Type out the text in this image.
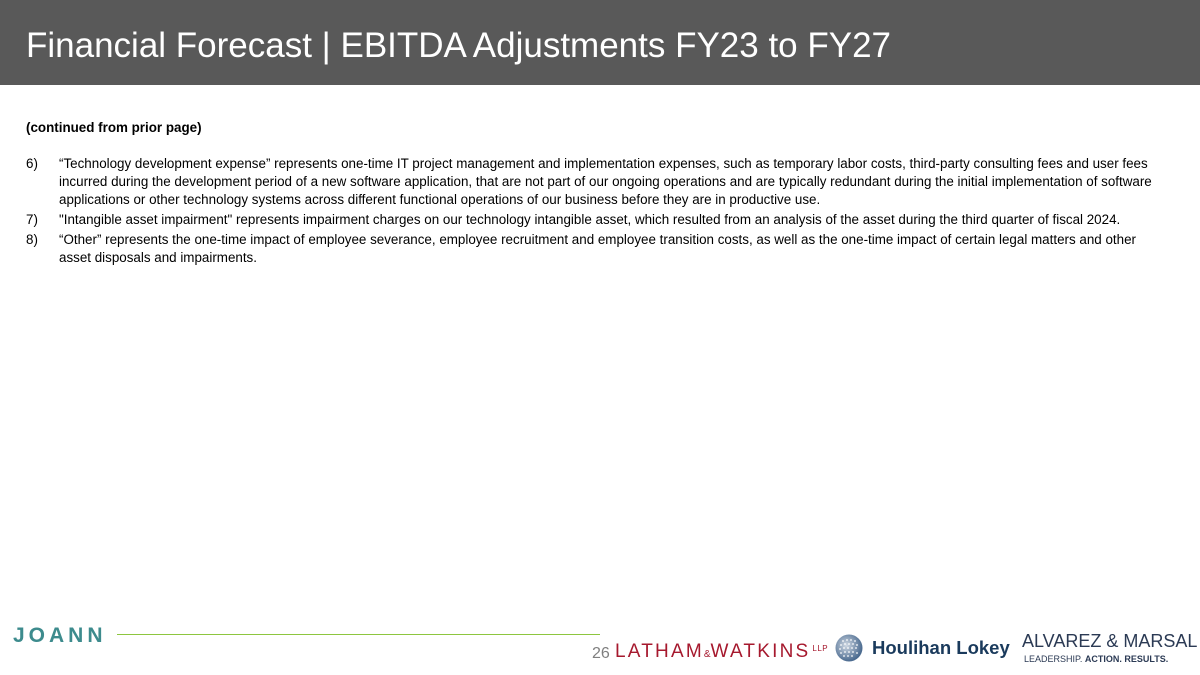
Financial Forecast | EBITDA Adjustments FY23 to FY27
(continued from prior page)
6) “Technology development expense” represents one-time IT project management and implementation expenses, such as temporary labor costs, third-party consulting fees and user fees incurred during the development period of a new software application, that are not part of our ongoing operations and are typically redundant during the initial implementation of software applications or other technology systems across different functional operations of our business before they are in productive use.
7) "Intangible asset impairment" represents impairment charges on our technology intangible asset, which resulted from an analysis of the asset during the third quarter of fiscal 2024.
8) “Other” represents the one-time impact of employee severance, employee recruitment and employee transition costs, as well as the one-time impact of certain legal matters and other asset disposals and impairments.
JOANN
26 LATHAM&WATKINS $^{LLP}$ Houlihan Lokey ALVAREZ & MARSAL
LEADERSHIP. ACTION. RESULTS.
